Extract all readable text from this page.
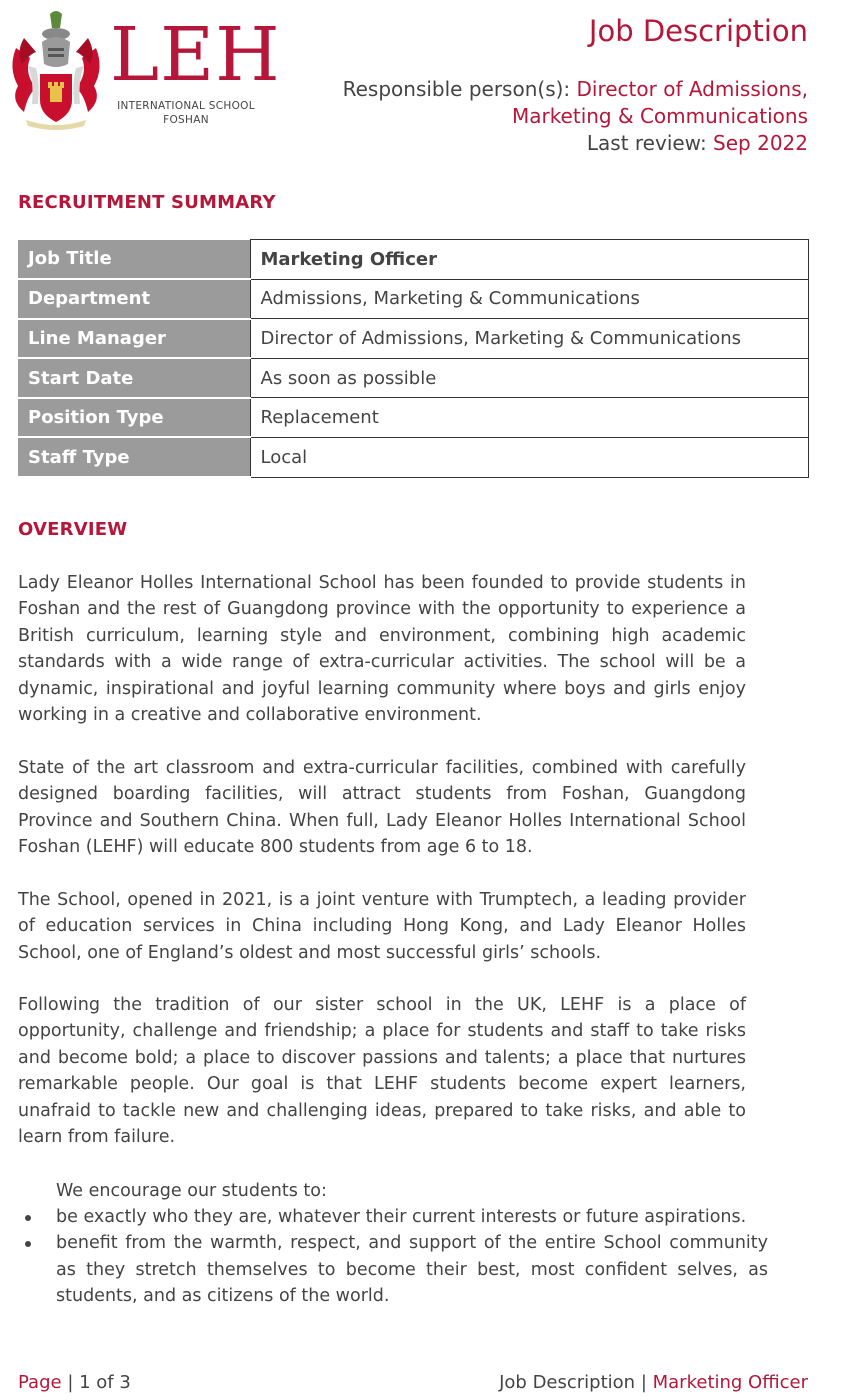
LEH
INTERNATIONAL SCHOOL
FOSHAN
Job Description
Responsible person(s): Director of Admissions, Marketing & Communications
Last review: Sep 2022
RECRUITMENT SUMMARY
Job Title	Marketing Officer
Department	Admissions, Marketing & Communications
Line Manager	Director of Admissions, Marketing & Communications
Start Date	As soon as possible
Position Type	Replacement
Staff Type	Local
OVERVIEW

Lady Eleanor Holles International School has been founded to provide students in Foshan and the rest of Guangdong province with the opportunity to experience a British curriculum, learning style and environment, combining high academic standards with a wide range of extra-curricular activities. The school will be a dynamic, inspirational and joyful learning community where boys and girls enjoy working in a creative and collaborative environment.

State of the art classroom and extra-curricular facilities, combined with carefully designed boarding facilities, will attract students from Foshan, Guangdong Province and Southern China. When full, Lady Eleanor Holles International School Foshan (LEHF) will educate 800 students from age 6 to 18.

The School, opened in 2021, is a joint venture with Trumptech, a leading provider of education services in China including Hong Kong, and Lady Eleanor Holles School, one of England’s oldest and most successful girls’ schools.

Following the tradition of our sister school in the UK, LEHF is a place of opportunity, challenge and friendship; a place for students and staff to take risks and become bold; a place to discover passions and talents; a place that nurtures remarkable people. Our goal is that LEHF students become expert learners, unafraid to tackle new and challenging ideas, prepared to take risks, and able to learn from failure.

We encourage our students to:
be exactly who they are, whatever their current interests or future aspirations.
benefit from the warmth, respect, and support of the entire School community as they stretch themselves to become their best, most confident selves, as students, and as citizens of the world.
Page | 1 of 3	Job Description | Marketing Officer
